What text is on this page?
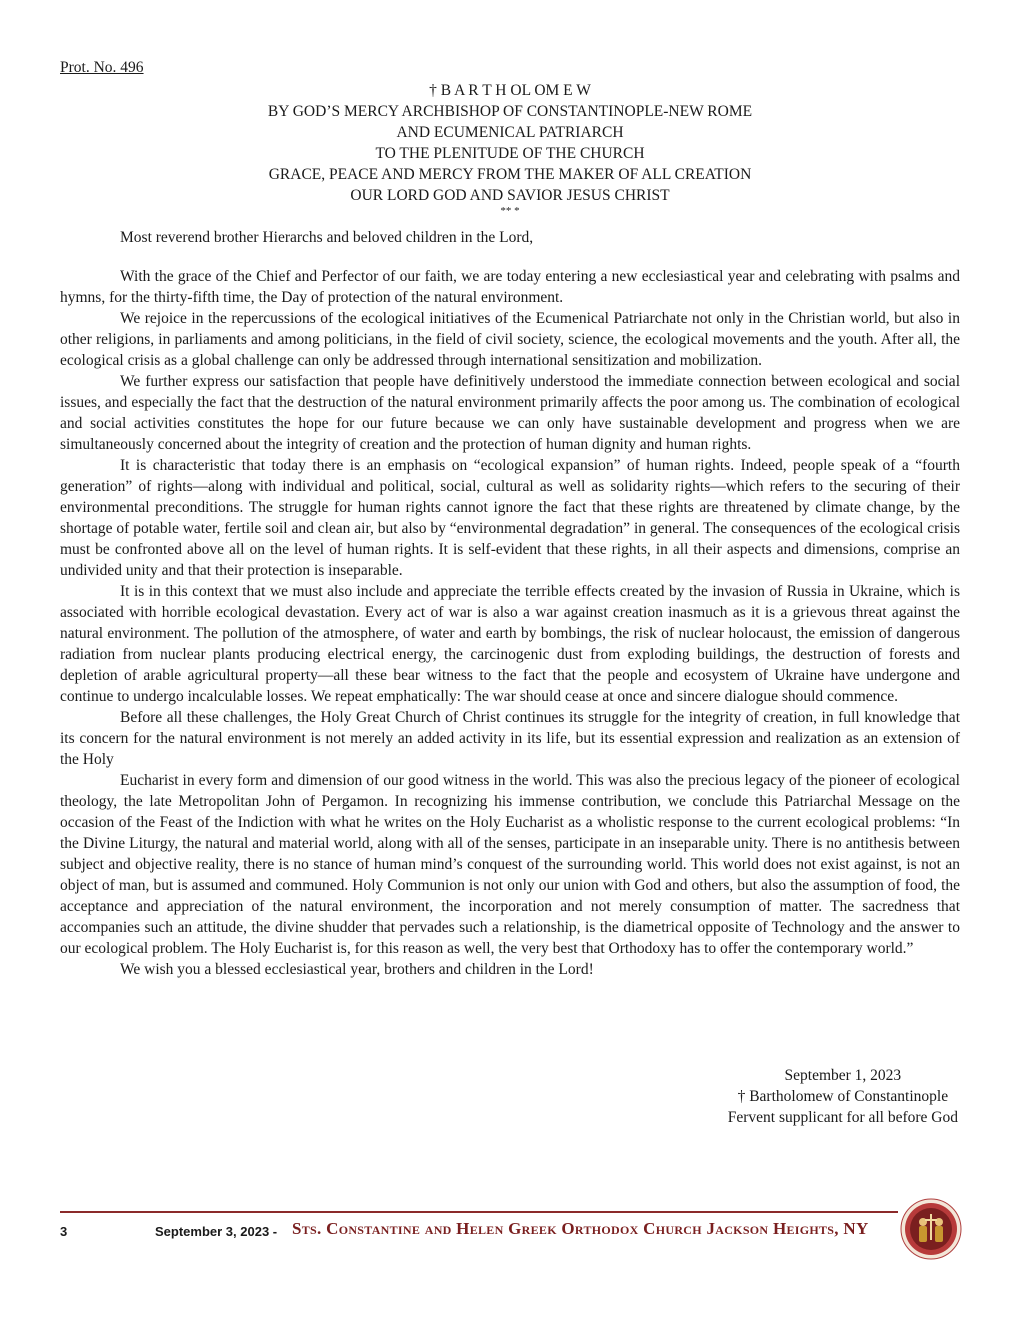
Prot. No. 496
† B A R T H OL OM E W
BY GOD’S MERCY ARCHBISHOP OF CONSTANTINOPLE-NEW ROME
AND ECUMENICAL PATRIARCH
TO THE PLENITUDE OF THE CHURCH
GRACE, PEACE AND MERCY FROM THE MAKER OF ALL CREATION
OUR LORD GOD AND SAVIOR JESUS CHRIST
** *

Most reverend brother Hierarchs and beloved children in the Lord,

With the grace of the Chief and Perfector of our faith, we are today entering a new ecclesiastical year and celebrating with psalms and hymns, for the thirty-fifth time, the Day of protection of the natural environment.

We rejoice in the repercussions of the ecological initiatives of the Ecumenical Patriarchate not only in the Christian world, but also in other religions, in parliaments and among politicians, in the field of civil society, science, the ecological movements and the youth. After all, the ecological crisis as a global challenge can only be addressed through international sensitization and mobilization.

We further express our satisfaction that people have definitively understood the immediate connection between ecological and social issues, and especially the fact that the destruction of the natural environment primarily affects the poor among us. The combination of ecological and social activities constitutes the hope for our future because we can only have sustainable development and progress when we are simultaneously concerned about the integrity of creation and the protection of human dignity and human rights.

It is characteristic that today there is an emphasis on “ecological expansion” of human rights. Indeed, people speak of a “fourth generation” of rights—along with individual and political, social, cultural as well as solidarity rights—which refers to the securing of their environmental preconditions. The struggle for human rights cannot ignore the fact that these rights are threatened by climate change, by the shortage of potable water, fertile soil and clean air, but also by “environmental degradation” in general. The consequences of the ecological crisis must be confronted above all on the level of human rights. It is self-evident that these rights, in all their aspects and dimensions, comprise an undivided unity and that their protection is inseparable.

It is in this context that we must also include and appreciate the terrible effects created by the invasion of Russia in Ukraine, which is associated with horrible ecological devastation. Every act of war is also a war against creation inasmuch as it is a grievous threat against the natural environment. The pollution of the atmosphere, of water and earth by bombings, the risk of nuclear holocaust, the emission of dangerous radiation from nuclear plants producing electrical energy, the carcinogenic dust from exploding buildings, the destruction of forests and depletion of arable agricultural property—all these bear witness to the fact that the people and ecosystem of Ukraine have undergone and continue to undergo incalculable losses. We repeat emphatically: The war should cease at once and sincere dialogue should commence.

Before all these challenges, the Holy Great Church of Christ continues its struggle for the integrity of creation, in full knowledge that its concern for the natural environment is not merely an added activity in its life, but its essential expression and realization as an extension of the Holy

Eucharist in every form and dimension of our good witness in the world. This was also the precious legacy of the pioneer of ecological theology, the late Metropolitan John of Pergamon. In recognizing his immense contribution, we conclude this Patriarchal Message on the occasion of the Feast of the Indiction with what he writes on the Holy Eucharist as a wholistic response to the current ecological problems: “In the Divine Liturgy, the natural and material world, along with all of the senses, participate in an inseparable unity. There is no antithesis between subject and objective reality, there is no stance of human mind’s conquest of the surrounding world. This world does not exist against, is not an object of man, but is assumed and communed. Holy Communion is not only our union with God and others, but also the assumption of food, the acceptance and appreciation of the natural environment, the incorporation and not merely consumption of matter. The sacredness that accompanies such an attitude, the divine shudder that pervades such a relationship, is the diametrical opposite of Technology and the answer to our ecological problem. The Holy Eucharist is, for this reason as well, the very best that Orthodoxy has to offer the contemporary world.”

We wish you a blessed ecclesiastical year, brothers and children in the Lord!

September 1, 2023
† Bartholomew of Constantinople
Fervent supplicant for all before God
3	September 3, 2023 - Sts. Constantine and Helen Greek Orthodox Church Jackson Heights, NY
